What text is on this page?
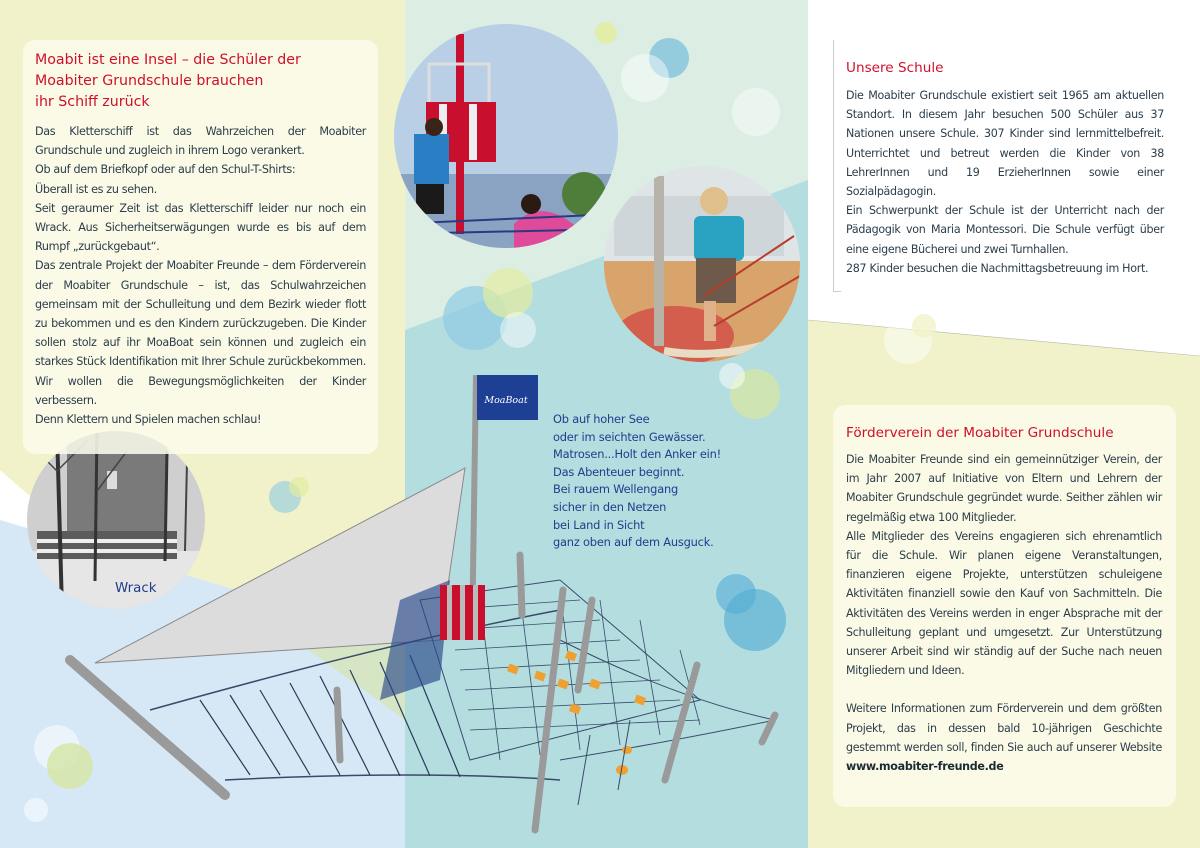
Wrack
MoaBoat
Moabit ist eine Insel – die Schüler der
Moabiter Grundschule brauchen
ihr Schiff zurück

Das Kletterschiff ist das Wahrzeichen der Moabiter Grundschule und zugleich in ihrem Logo verankert.

Ob auf dem Briefkopf oder auf den Schul-T-Shirts:

Überall ist es zu sehen.

Seit geraumer Zeit ist das Kletterschiff leider nur noch ein Wrack. Aus Sicherheitserwägungen wurde es bis auf dem Rumpf „zurückgebaut“.

Das zentrale Projekt der Moabiter Freunde – dem Förderverein der Moabiter Grundschule – ist, das Schulwahrzeichen gemeinsam mit der Schulleitung und dem Bezirk wieder flott zu bekommen und es den Kindern zurückzugeben. Die Kinder sollen stolz auf ihr MoaBoat sein können und zugleich ein starkes Stück Identifikation mit Ihrer Schule zurückbekommen. Wir wollen die Bewegungsmöglichkeiten der Kinder verbessern.

Denn Klettern und Spielen machen schlau!	Ob auf hoher See
oder im seichten Gewässer.
Matrosen...Holt den Anker ein!
Das Abenteuer beginnt.
Bei rauem Wellengang
sicher in den Netzen
bei Land in Sicht
ganz oben auf dem Ausguck.
Unsere Schule

Die Moabiter Grundschule existiert seit 1965 am aktuellen Standort. In diesem Jahr besuchen 500 Schüler aus 37 Nationen unsere Schule. 307 Kinder sind lernmittelbefreit. Unterrichtet und betreut werden die Kinder von 38 LehrerInnen und 19 ErzieherInnen sowie einer Sozialpädagogin.

Ein Schwerpunkt der Schule ist der Unterricht nach der Pädagogik von Maria Montessori. Die Schule verfügt über eine eigene Bücherei und zwei Turnhallen.

287 Kinder besuchen die Nachmittagsbetreuung im Hort.

Förderverein der Moabiter Grundschule

Die Moabiter Freunde sind ein gemeinnütziger Verein, der im Jahr 2007 auf Initiative von Eltern und Lehrern der Moabiter Grundschule gegründet wurde. Seither zählen wir regelmäßig etwa 100 Mitglieder.

Alle Mitglieder des Vereins engagieren sich ehrenamtlich für die Schule. Wir planen eigene Veranstaltungen, finanzieren eigene Projekte, unterstützen schuleigene Aktivitäten finanziell sowie den Kauf von Sachmitteln. Die Aktivitäten des Vereins werden in enger Absprache mit der Schulleitung geplant und umgesetzt. Zur Unterstützung unserer Arbeit sind wir ständig auf der Suche nach neuen Mitgliedern und Ideen.

Weitere Informationen zum Förderverein und dem größten Projekt, das in dessen bald 10-jährigen Geschichte gestemmt werden soll, finden Sie auch auf unserer Website www.moabiter-freunde.de
